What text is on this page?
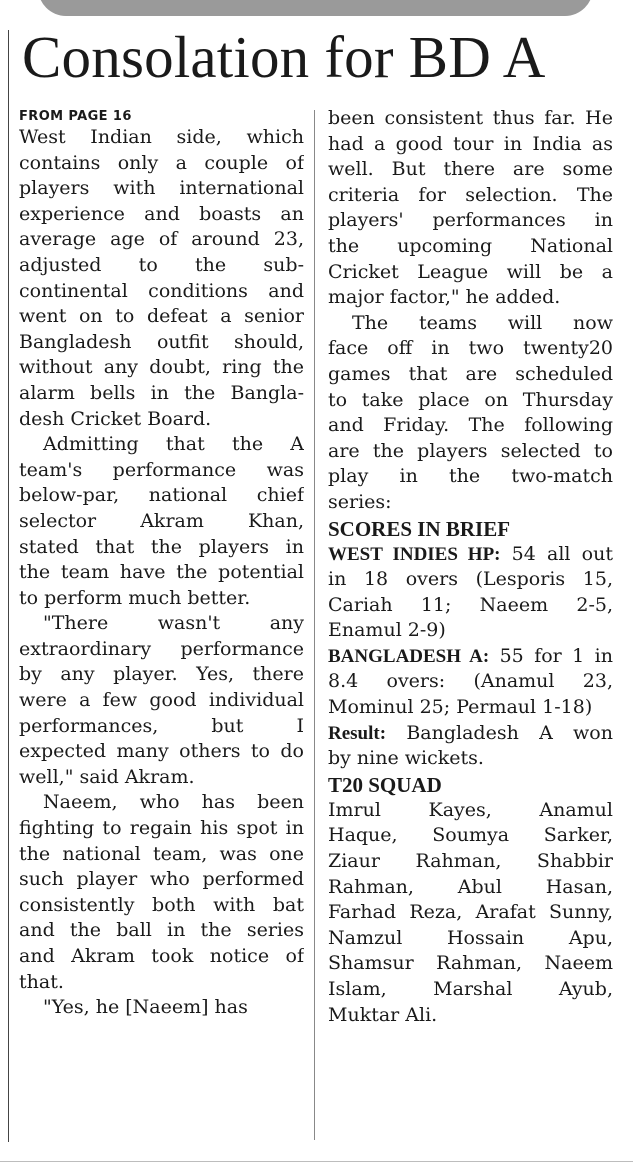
Consolation for BD A
FROM PAGE 16
West Indian side, which
contains only a couple of
players with international
experience and boasts an
average age of around 23,
adjusted to the sub-
continental conditions and
went on to defeat a senior
Bangladesh outfit should,
without any doubt, ring the
alarm bells in the Bangla-
desh Cricket Board.
Admitting that the A
team's performance was
below-par, national chief
selector Akram Khan,
stated that the players in
the team have the potential
to perform much better.
"There wasn't any
extraordinary performance
by any player. Yes, there
were a few good individual
performances, but I
expected many others to do
well," said Akram.
Naeem, who has been
fighting to regain his spot in
the national team, was one
such player who performed
consistently both with bat
and the ball in the series
and Akram took notice of
that.
"Yes, he [Naeem] has
been consistent thus far. He
had a good tour in India as
well. But there are some
criteria for selection. The
players' performances in
the upcoming National
Cricket League will be a
major factor," he added.
The teams will now
face off in two twenty20
games that are scheduled
to take place on Thursday
and Friday. The following
are the players selected to
play in the two-match
series:
SCORES IN BRIEF
WEST INDIES HP: 54 all out
in 18 overs (Lesporis 15,
Cariah 11; Naeem 2-5,
Enamul 2-9)
BANGLADESH A: 55 for 1 in
8.4 overs: (Anamul 23,
Mominul 25; Permaul 1-18)
Result: Bangladesh A won
by nine wickets.
T20 SQUAD
Imrul Kayes, Anamul
Haque, Soumya Sarker,
Ziaur Rahman, Shabbir
Rahman, Abul Hasan,
Farhad Reza, Arafat Sunny,
Namzul Hossain Apu,
Shamsur Rahman, Naeem
Islam, Marshal Ayub,
Muktar Ali.
